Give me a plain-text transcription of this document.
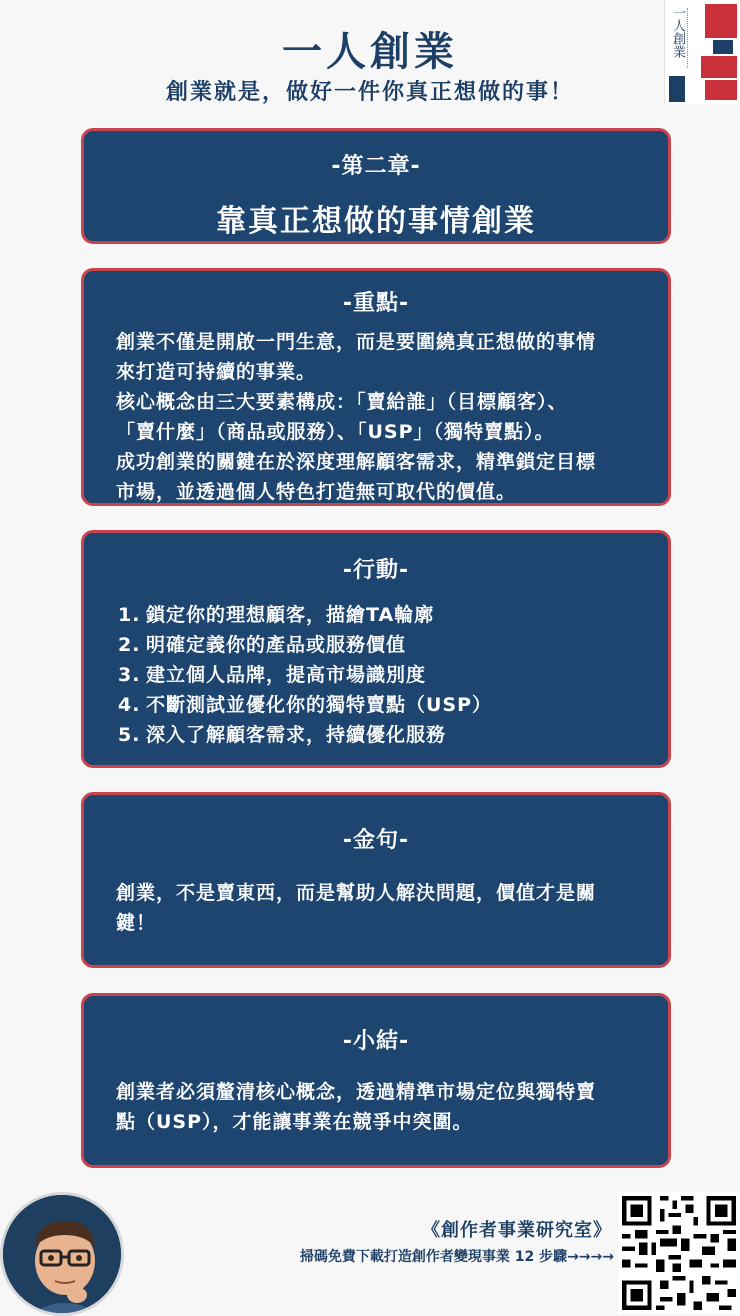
一人創業
創業就是，做好一件你真正想做的事！
一人創業
-第二章-
靠真正想做的事情創業
-重點-
創業不僅是開啟一門生意，而是要圍繞真正想做的事情
來打造可持續的事業。
核心概念由三大要素構成：「賣給誰」（目標顧客）、
「賣什麼」（商品或服務）、「USP」（獨特賣點）。
成功創業的關鍵在於深度理解顧客需求，精準鎖定目標
市場，並透過個人特色打造無可取代的價值。
-行動-
1. 鎖定你的理想顧客，描繪TA輪廓
2. 明確定義你的產品或服務價值
3. 建立個人品牌，提高市場識別度
4. 不斷測試並優化你的獨特賣點（USP）
5. 深入了解顧客需求，持續優化服務
-金句-
創業，不是賣東西，而是幫助人解決問題，價值才是關
鍵！
-小結-
創業者必須釐清核心概念，透過精準市場定位與獨特賣
點（USP），才能讓事業在競爭中突圍。
《創作者事業研究室》
掃碼免費下載打造創作者變現事業 12 步驟→→→→
